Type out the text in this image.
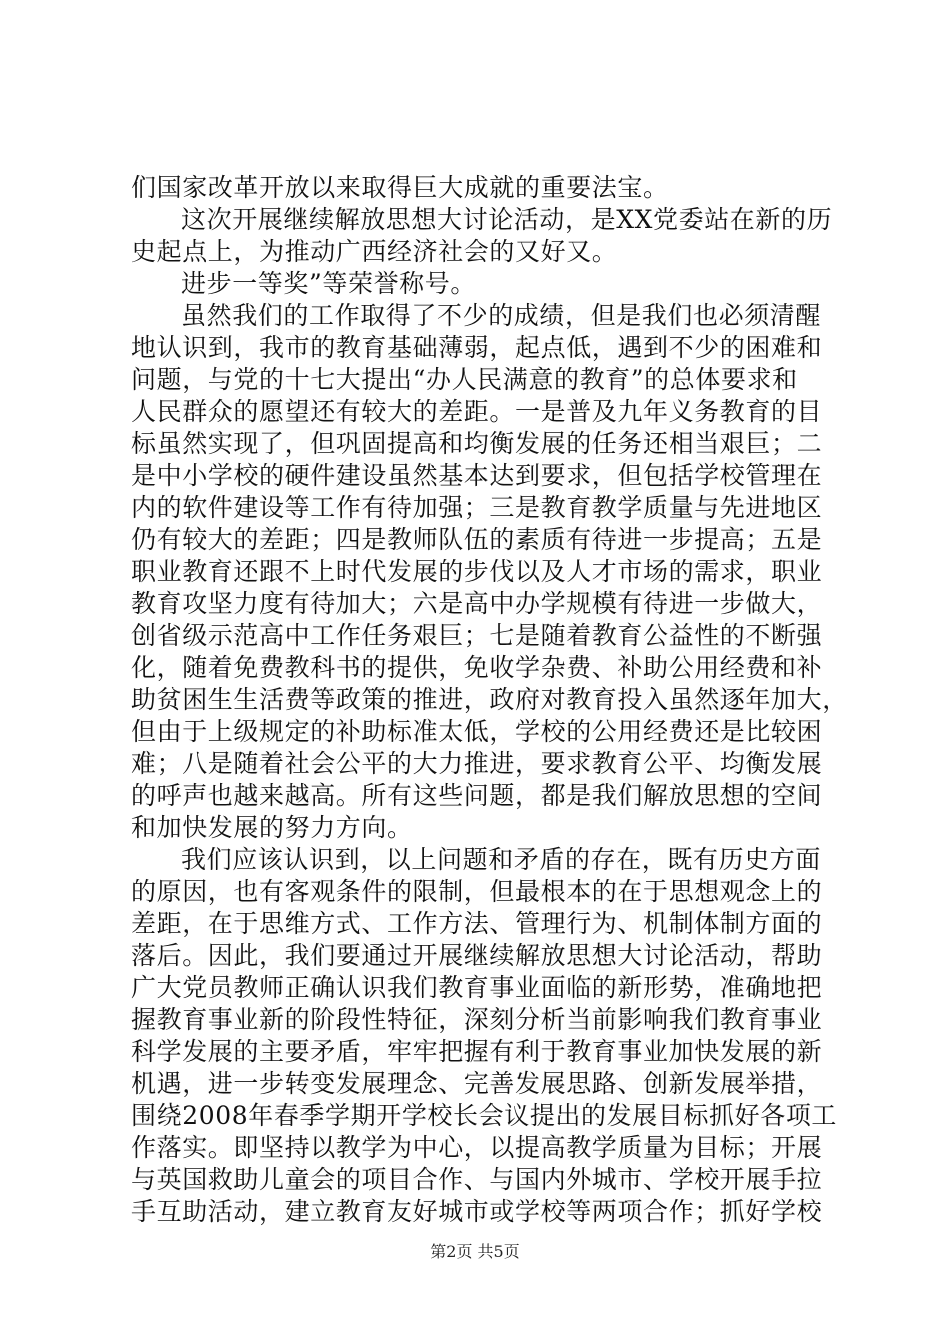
们国家改革开放以来取得巨大成就的重要法宝。
这次开展继续解放思想大讨论活动，是XX党委站在新的历
史起点上，为推动广西经济社会的又好又。
进步一等奖”等荣誉称号。
虽然我们的工作取得了不少的成绩，但是我们也必须清醒
地认识到，我市的教育基础薄弱，起点低，遇到不少的困难和
问题，与党的十七大提出“办人民满意的教育”的总体要求和
人民群众的愿望还有较大的差距。一是普及九年义务教育的目
标虽然实现了，但巩固提高和均衡发展的任务还相当艰巨；二
是中小学校的硬件建设虽然基本达到要求，但包括学校管理在
内的软件建设等工作有待加强；三是教育教学质量与先进地区
仍有较大的差距；四是教师队伍的素质有待进一步提高；五是
职业教育还跟不上时代发展的步伐以及人才市场的需求，职业
教育攻坚力度有待加大；六是高中办学规模有待进一步做大，
创省级示范高中工作任务艰巨；七是随着教育公益性的不断强
化，随着免费教科书的提供，免收学杂费、补助公用经费和补
助贫困生生活费等政策的推进，政府对教育投入虽然逐年加大，
但由于上级规定的补助标准太低，学校的公用经费还是比较困
难；八是随着社会公平的大力推进，要求教育公平、均衡发展
的呼声也越来越高。所有这些问题，都是我们解放思想的空间
和加快发展的努力方向。
我们应该认识到，以上问题和矛盾的存在，既有历史方面
的原因，也有客观条件的限制，但最根本的在于思想观念上的
差距，在于思维方式、工作方法、管理行为、机制体制方面的
落后。因此，我们要通过开展继续解放思想大讨论活动，帮助
广大党员教师正确认识我们教育事业面临的新形势，准确地把
握教育事业新的阶段性特征，深刻分析当前影响我们教育事业
科学发展的主要矛盾，牢牢把握有利于教育事业加快发展的新
机遇，进一步转变发展理念、完善发展思路、创新发展举措，
围绕2008年春季学期开学校长会议提出的发展目标抓好各项工
作落实。即坚持以教学为中心，以提高教学质量为目标；开展
与英国救助儿童会的项目合作、与国内外城市、学校开展手拉
手互助活动，建立教育友好城市或学校等两项合作；抓好学校
第2页 共5页
